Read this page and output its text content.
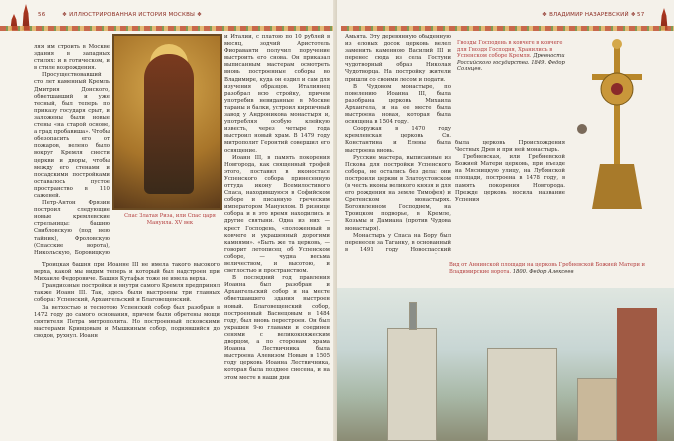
56	❖ ИЛЛЮСТРИРОВАННАЯ ИСТОРИЯ МОСКВЫ ❖

ляя им строить в Москве здания в западных стилях: и в готическом, и в стиле возрождения.

Просуществовавший сто лет каменный Кремль Дмитрия Донского, обветшавший и уже тесный, был теперь по приказу государя срыт, и заложены были новые стены «на старой основе, а град пробавиша». Чтобы обезопасить его от пожаров, велено было вокруг Кремля снести церкви и дворы, чтобы между его стенами и посадскими постройками оставалось пустое пространство в 110 саженей.

Петр-Антон Фрязин построил следующие новые кремлевские стрельницы: башню Свибловскую (под нею тайник), Фроловскую (Спасские ворота), Никольскую, Боровицкую

Троицкая башня при Иоанне III не имела такого высокого верха, какой мы видим теперь и который был надстроен при Михаиле Федоровиче. Башня Кутафья тоже не имела верха.

Грандиозные постройки и внутри самого Кремля предпринял также Иоанн III. Так, здесь были выстроены три главных собора: Успенский, Архангельский и Благовещенский.

За ветхостью и теснотою Успенский собор был разобран в 1472 году до самого основания, причем были обретены мощи святителя Петра митрополита. Но построенный псковскими мастерами Кривцовым и Мышкиным собор, поднявшийся до сводов, рухнул. Иоанн

Спас Златая Риза, или Спас царя Мануила. XV век

и Италии, с платою по 10 рублей в месяц, зодчий Аристотель Фиораванти получил поручение выстроить его снова. Он приказал выписанным мастерам осмотреть вновь построенные соборы во Владимире, куда он ездил и сам для изучения образцов. Италиянец разобрал всю стройку, причем употребив невиданные в Москве тараны и балки, устроил кирпичный завод у Андроникова монастыря и, употребляя особую клейкую известь, через четыре года выстроил новый храм. В 1479 году митрополит Геронтий совершил его освящение.

Иоанн III, в память покорения Новгорода, как священный трофей этого, поставил в иконостасе Успенского собора принесенную оттуда икону Всемилостивого Спаса, находившуюся в Софийском соборе и писанную греческим императором Мануилом. В ризнице собора и в это время находились и другие святыни. Одна из них — крест Господень, «положенный в ковчеге и украшенный дорогими камнями». «Быть же та церковь, — говорит летописец об Успенском соборе, — чудна весьма величеством, и высотою, и светлостью и пространством.

В последний год правления Иоанна был разобран и Архангельский собор и на месте обветшавшего здания выстроен новый. Благовещенский собор, построенный Васнецовым в 1484 году, был вновь перестроен. Он был украшен 9-ю главами и соединен сенями с великокняжеским дворцом, а по сторонам храма Иоанна Лествичника была выстроена Алевизом Новым в 1505 году церковь Иоанна Лествичника, которая была позднее снесена, и на этом месте в наши дни

❖ ВЛАДИМИР НАЗАРЕВСКИЙ ❖ 57

Амьята. Эту деревянную обыденную из еловых досок церковь велел заменить каменною Василий III и перенес сюда из села Гостуни чудотворный образ Николая Чудотворца. На постройку жители пришли со своими лесом и подати.

В Чудовом монастыре, по повелению Иоанна III, была разобрана церковь Михаила Архангела, и на ее месте была выстроена новая, которая была освящена в 1504 году.

Сооружая в 1470 году кремлевская церковь Св. Константина и Елены была выстроена вновь.

Русские мастера, выписанные из Пскова для постройки Успенского собора, не остались без дела: они построили церкви в Златоустовском (в честь иконы великого князя и для его рождения на земле Тимофея) и Сретенском монастырях. Богоявленном Господнем, на Троицком подворье, в Кремле, Козьмы и Дамиана (против Чудова монастыря).

Монастырь у Спаса на Бору был перенесен за Таганку, в основанный в 1491 году Новоспасский

Гвозды Господень в ковчеге в ковчеге для Гвоздя Господня, Хранились в Успенском соборе Кремля. Древности Российского государства. 1849. Федор Солнцев.

была церковь Происхождения Честных Древ и при ней монастырь.

Гребневская, или Гребневской Божией Матери церковь, при въезде на Мясницкую улицу, на Лубянской площади, построена в 1478 году, в память покорения Новгорода. Прежде церковь носила название Успения

Вид от Аннинской площади на церковь Гребневской Божией Матери и Владимирские ворота. 1800. Федор Алексеев
